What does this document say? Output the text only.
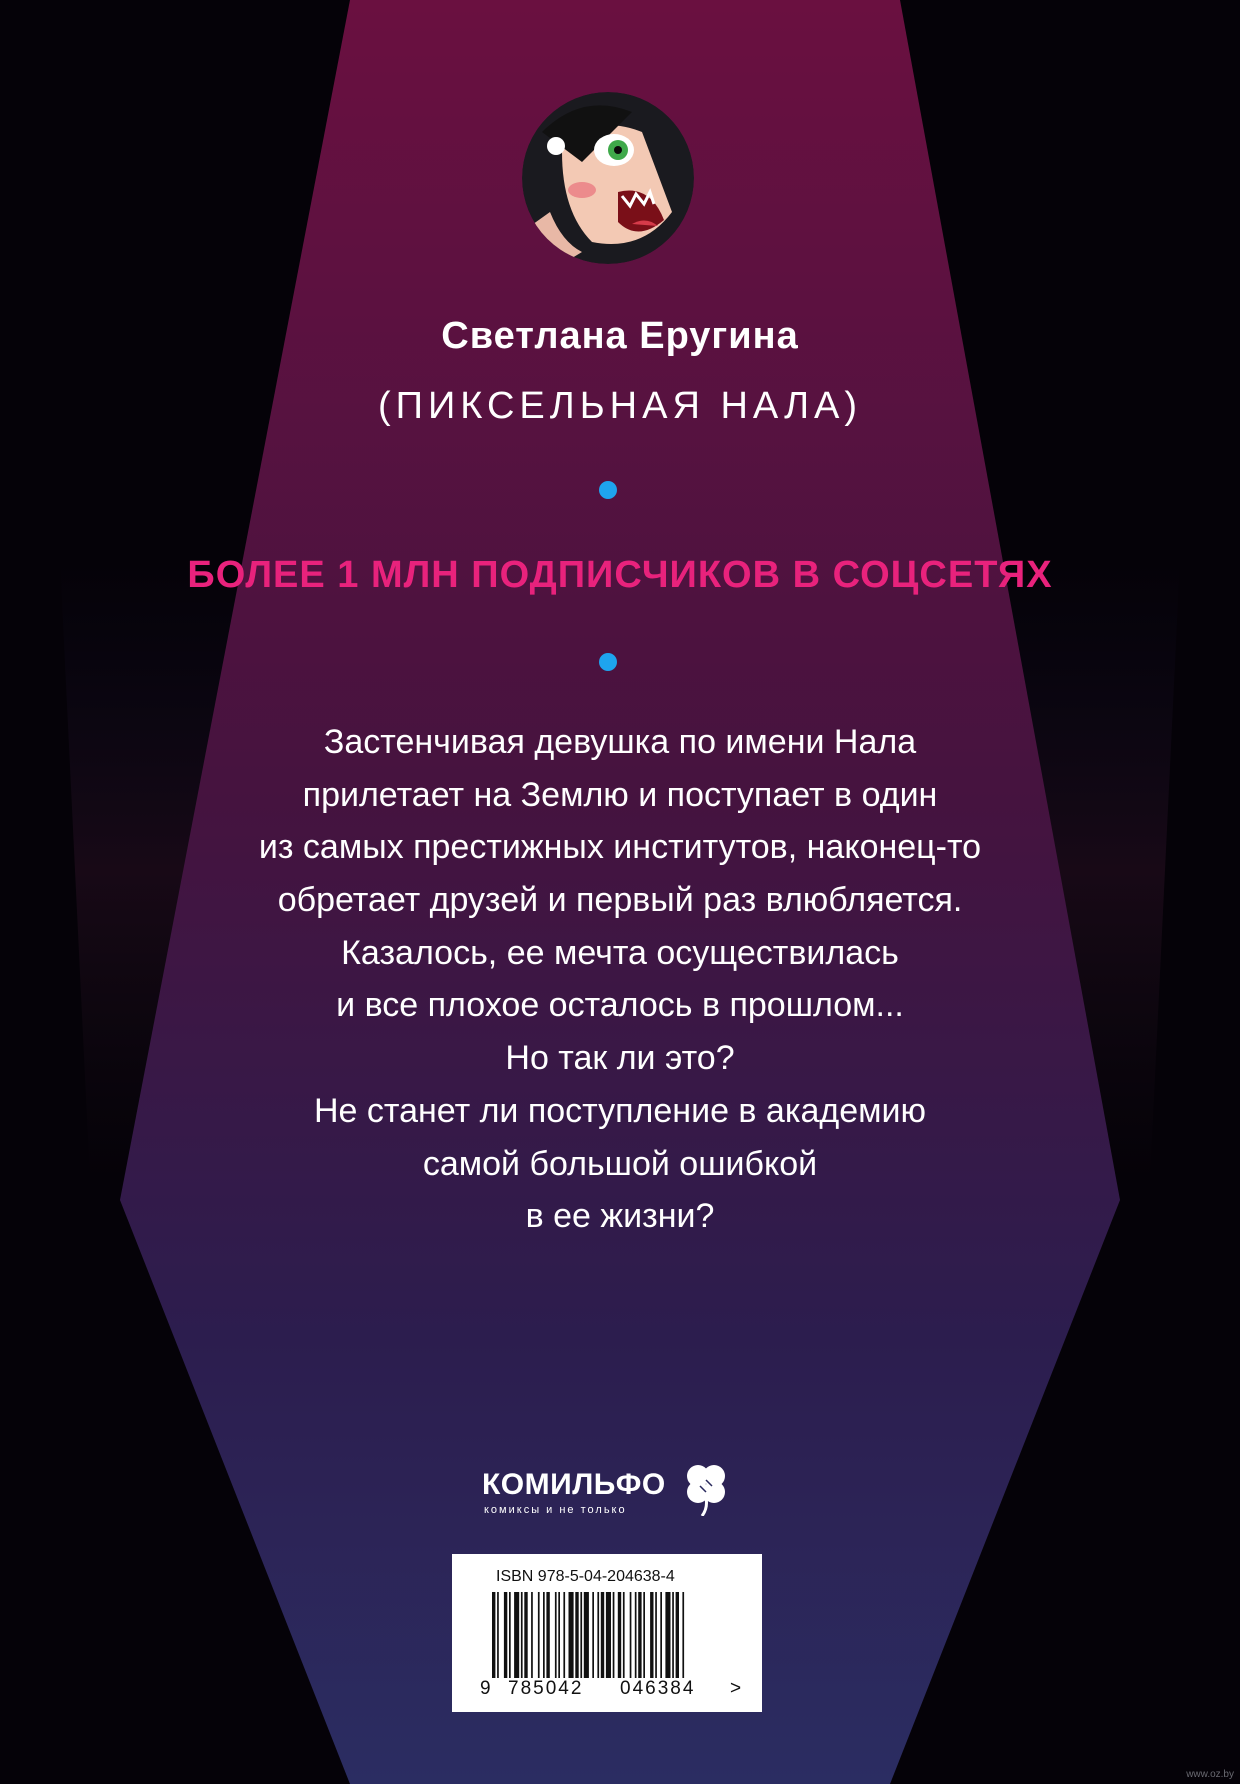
Светлана Еругина
(ПИКСЕЛЬНАЯ НАЛА)
БОЛЕЕ 1 МЛН ПОДПИСЧИКОВ В СОЦСЕТЯХ
Застенчивая девушка по имени Нала
прилетает на Землю и поступает в один
из самых престижных институтов, наконец-то
обретает друзей и первый раз влюбляется.
Казалось, ее мечта осуществилась
и все плохое осталось в прошлом...
Но так ли это?
Не станет ли поступление в академию
самой большой ошибкой
в ее жизни?
КОМИЛЬФО
комиксы и не только
ISBN 978-5-04-204638-4
9 785042 046384 >
www.oz.by
